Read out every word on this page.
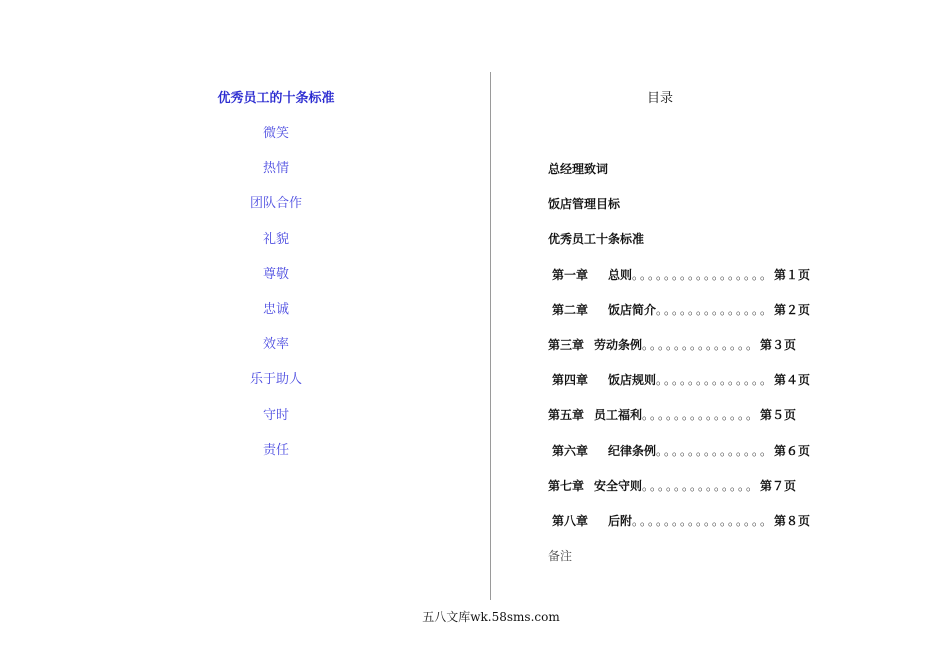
优秀员工的十条标准
微笑
热情
团队合作
礼貌
尊敬
忠诚
效率
乐于助人
守时
责任
目录
总经理致词
饭店管理目标
优秀员工十条标准
第一章 总则。。。。。。。。。。。。。。。。。第１页
第二章 饭店简介。。。。。。。。。。。。。。第２页
第三章 劳动条例。。。。。。。。。。。。。。第３页
第四章 饭店规则。。。。。。。。。。。。。。第４页
第五章 员工福利。。。。。。。。。。。。。。第５页
第六章 纪律条例。。。。。。。。。。。。。。第６页
第七章 安全守则。。。。。。。。。。。。。。第７页
第八章 后附。。。。。。。。。。。。。。。。。第８页
备注
五八文库wk.58sms.com
